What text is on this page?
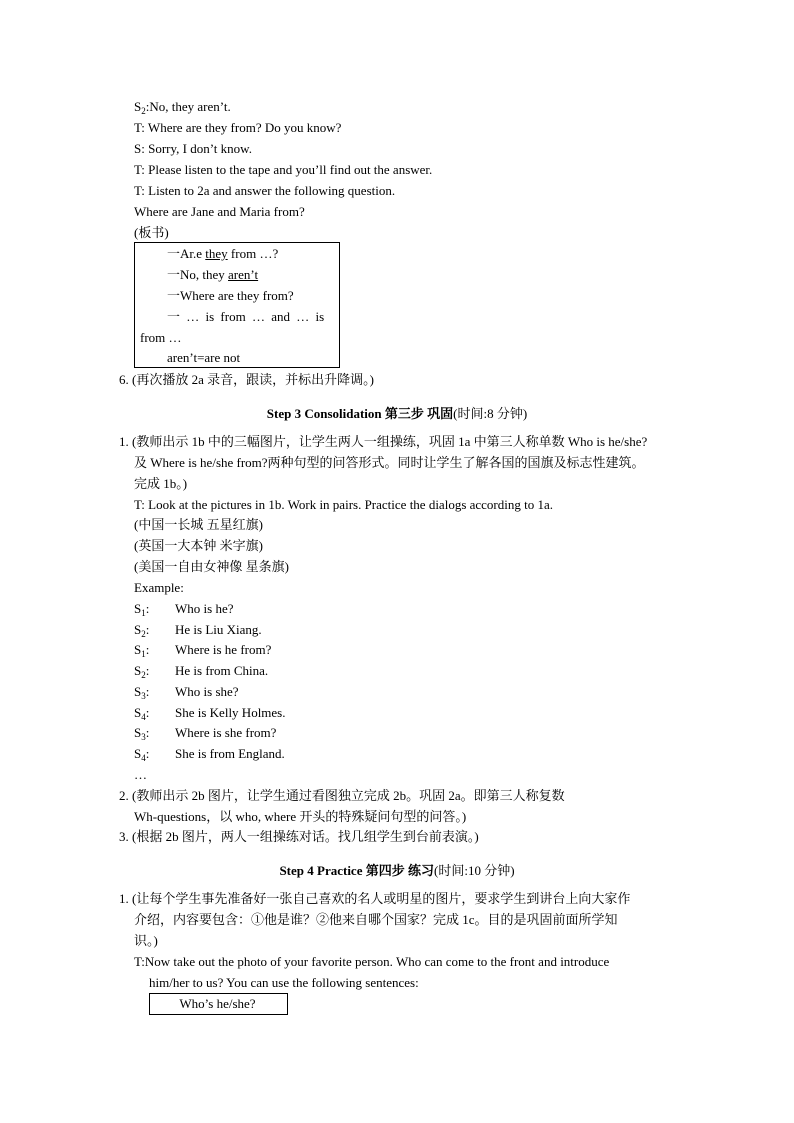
$S_2:No$, they aren’t.
T: Where are they from? Do you know?
S: Sorry, I don’t know.
T: Please listen to the tape and you’ll find out the answer.
T: Listen to 2a and answer the following question.
Where are Jane and Maria from?
(板书)
一Ar.e they from …?
一No, they aren’t
一Where are they from?
一 … is from … and … is
from …
aren’t=are not
6. (再次播放 2a 录音，跟读，并标出升降调。)
Step 3 Consolidation 第三步 巩固(时间:8 分钟)
1. (教师出示 1b 中的三幅图片，让学生两人一组操练，巩固 1a 中第三人称单数 Who is he/she?
及 Where is he/she from?两种句型的问答形式。同时让学生了解各国的国旗及标志性建筑。
完成 1b。)
T: Look at the pictures in 1b. Work in pairs. Practice the dialogs according to 1a.
(中国一长城 五星红旗)
(英国一大本钟 米字旗)
(美国一自由女神像 星条旗)
Example:
$S_1$: Who is he?
$S_2$: He is Liu Xiang.
$S_1$: Where is he from?
$S_2$: He is from China.
$S_3$: Who is she?
$S_4$: She is Kelly Holmes.
$S_3$: Where is she from?
$S_4$: She is from England.
…
2. (教师出示 2b 图片，让学生通过看图独立完成 2b。巩固 2a。即第三人称复数
Wh-questions，以 who, where 开头的特殊疑问句型的问答。)
3. (根据 2b 图片，两人一组操练对话。找几组学生到台前表演。)
Step 4 Practice 第四步 练习(时间:10 分钟)
1. (让每个学生事先准备好一张自己喜欢的名人或明星的图片，要求学生到讲台上向大家作
介绍，内容要包含：①他是谁？②他来自哪个国家？完成 1c。目的是巩固前面所学知
识。)
T:Now take out the photo of your favorite person. Who can come to the front and introduce
him/her to us? You can use the following sentences:
Who’s he/she?
